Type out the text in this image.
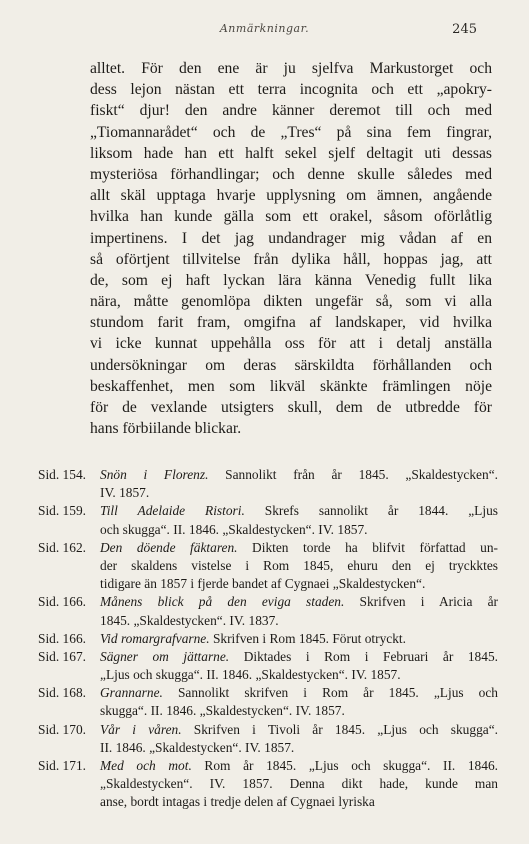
Anmärkningar.	245
alltet. För den ene är ju sjelfva Markustorget och
dess lejon nästan ett terra incognita och ett „apokry-
fiskt“ djur! den andre känner deremot till och med
„Tiomannarådet“ och de „Tres“ på sina fem fingrar,
liksom hade han ett halft sekel sjelf deltagit uti dessas
mysteriösa förhandlingar; och denne skulle således med
allt skäl upptaga hvarje upplysning om ämnen, angående
hvilka han kunde gälla som ett orakel, såsom oförlåtlig
impertinens. I det jag undandrager mig vådan af en
så oförtjent tillvitelse från dylika håll, hoppas jag, att
de, som ej haft lyckan lära känna Venedig fullt lika
nära, måtte genomlöpa dikten ungefär så, som vi alla
stundom farit fram, omgifna af landskaper, vid hvilka
vi icke kunnat uppehålla oss för att i detalj anställa
undersökningar om deras särskildta förhållanden och
beskaffenhet, men som likväl skänkte främlingen nöje
för de vexlande utsigters skull, dem de utbredde för
hans förbiilande blickar.
Sid. 154.	Snön i Florenz. Sannolikt från år 1845. „Skaldestycken“.
IV. 1857.
Sid. 159.	Till Adelaide Ristori. Skrefs sannolikt år 1844. „Ljus
och skugga“. II. 1846. „Skaldestycken“. IV. 1857.
Sid. 162.	Den döende fäktaren. Dikten torde ha blifvit författad un-
der skaldens vistelse i Rom 1845, ehuru den ej tryckktes
tidigare än 1857 i fjerde bandet af Cygnaei „Skaldestycken“.
Sid. 166.	Månens blick på den eviga staden. Skrifven i Aricia år
1845. „Skaldestycken“. IV. 1837.
Sid. 166.	Vid romargrafvarne. Skrifven i Rom 1845. Förut otryckt.
Sid. 167.	Sägner om jättarne. Diktades i Rom i Februari år 1845.
„Ljus och skugga“. II. 1846. „Skaldestycken“. IV. 1857.
Sid. 168.	Grannarne. Sannolikt skrifven i Rom år 1845. „Ljus och
skugga“. II. 1846. „Skaldestycken“. IV. 1857.
Sid. 170.	Vår i våren. Skrifven i Tivoli år 1845. „Ljus och skugga“.
II. 1846. „Skaldestycken“. IV. 1857.
Sid. 171.	Med och mot. Rom år 1845. „Ljus och skugga“. II. 1846.
„Skaldestycken“. IV. 1857. Denna dikt hade, kunde man
anse, bordt intagas i tredje delen af Cygnaei lyriska
